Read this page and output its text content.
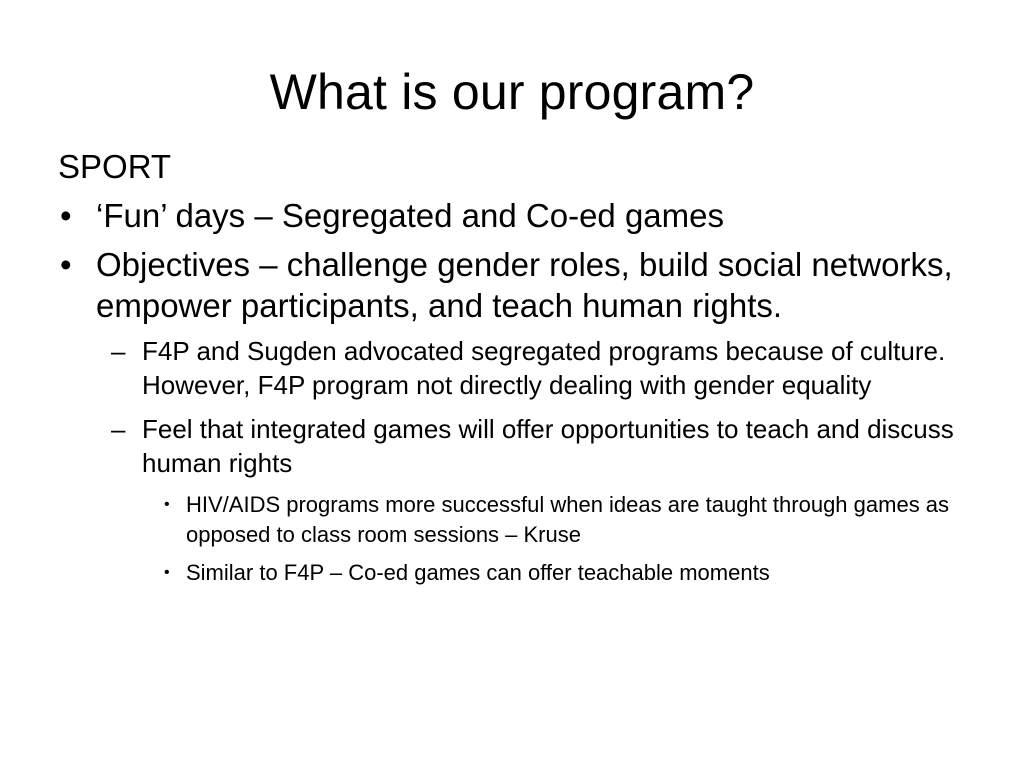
What is our program?
SPORT
• ‘Fun’ days – Segregated and Co-ed games
• Objectives – challenge gender roles, build social networks, empower participants, and teach human rights.
– F4P and Sugden advocated segregated programs because of culture. However, F4P program not directly dealing with gender equality
– Feel that integrated games will offer opportunities to teach and discuss human rights
• HIV/AIDS programs more successful when ideas are taught through games as opposed to class room sessions – Kruse
• Similar to F4P – Co-ed games can offer teachable moments
